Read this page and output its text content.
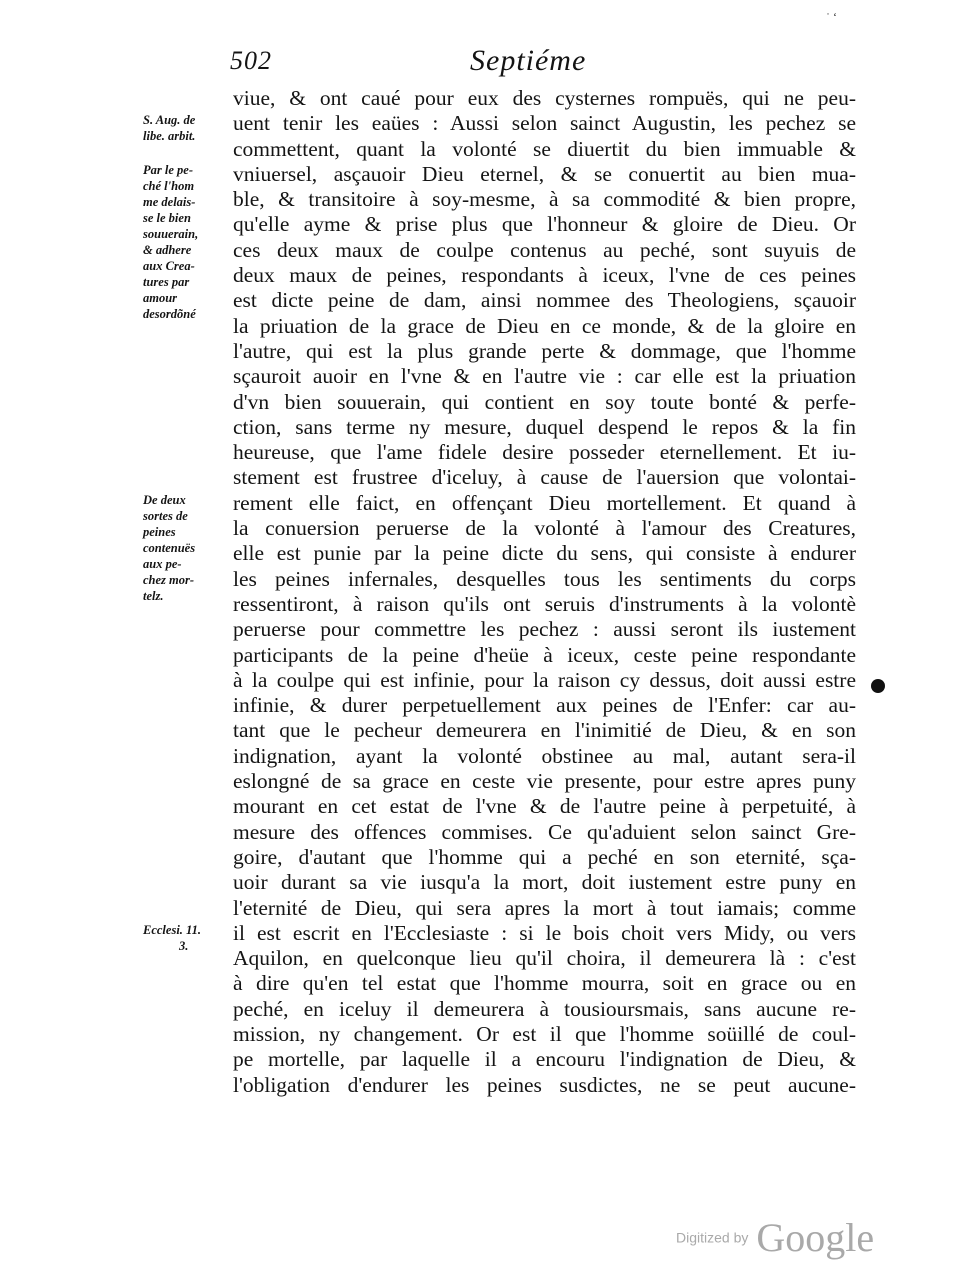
˙ ‘
502	Septiéme
S. Aug. de
libe. arbit.
Par le pe-
ché l'hom
me delais-
se le bien
souuerain,
& adhere
aux Crea-
tures par
amour
desordõné
De deux
sortes de
peines
contenuës
aux pe-
chez mor-
telz.
Ecclesi. 11.
3.
viue, & ont caué pour eux des cysternes rompuës, qui ne peu-
uent tenir les eaües : Aussi selon sainct Augustin, les pechez se
commettent, quant la volonté se diuertit du bien immuable &
vniuersel, asçauoir Dieu eternel, & se conuertit au bien mua-
ble, & transitoire à soy-mesme, à sa commodité & bien propre,
qu'elle ayme & prise plus que l'honneur & gloire de Dieu. Or
ces deux maux de coulpe contenus au peché, sont suyuis de
deux maux de peines, respondants à iceux, l'vne de ces peines
est dicte peine de dam, ainsi nommee des Theologiens, sçauoir
la priuation de la grace de Dieu en ce monde, & de la gloire en
l'autre, qui est la plus grande perte & dommage, que l'homme
sçauroit auoir en l'vne & en l'autre vie : car elle est la priuation
d'vn bien souuerain, qui contient en soy toute bonté & perfe-
ction, sans terme ny mesure, duquel despend le repos & la fin
heureuse, que l'ame fidele desire posseder eternellement. Et iu-
stement est frustree d'iceluy, à cause de l'auersion que volontai-
rement elle faict, en offençant Dieu mortellement. Et quand à
la conuersion peruerse de la volonté à l'amour des Creatures,
elle est punie par la peine dicte du sens, qui consiste à endurer
les peines infernales, desquelles tous les sentiments du corps
ressentiront, à raison qu'ils ont seruis d'instruments à la volontè
peruerse pour commettre les pechez : aussi seront ils iustement
participants de la peine d'heüe à iceux, ceste peine respondante
à la coulpe qui est infinie, pour la raison cy dessus, doit aussi estre
infinie, & durer perpetuellement aux peines de l'Enfer: car au-
tant que le pecheur demeurera en l'inimitié de Dieu, & en son
indignation, ayant la volonté obstinee au mal, autant sera-il
eslongné de sa grace en ceste vie presente, pour estre apres puny
mourant en cet estat de l'vne & de l'autre peine à perpetuité, à
mesure des offences commises. Ce qu'aduient selon sainct Gre-
goire, d'autant que l'homme qui a peché en son eternité, sça-
uoir durant sa vie iusqu'a la mort, doit iustement estre puny en
l'eternité de Dieu, qui sera apres la mort à tout iamais; comme
il est escrit en l'Ecclesiaste : si le bois choit vers Midy, ou vers
Aquilon, en quelconque lieu qu'il choira, il demeurera là : c'est
à dire qu'en tel estat que l'homme mourra, soit en grace ou en
peché, en iceluy il demeurera à tousioursmais, sans aucune re-
mission, ny changement. Or est il que l'homme soüillé de coul-
pe mortelle, par laquelle il a encouru l'indignation de Dieu, &
l'obligation d'endurer les peines susdictes, ne se peut aucune-
Digitized by Google
